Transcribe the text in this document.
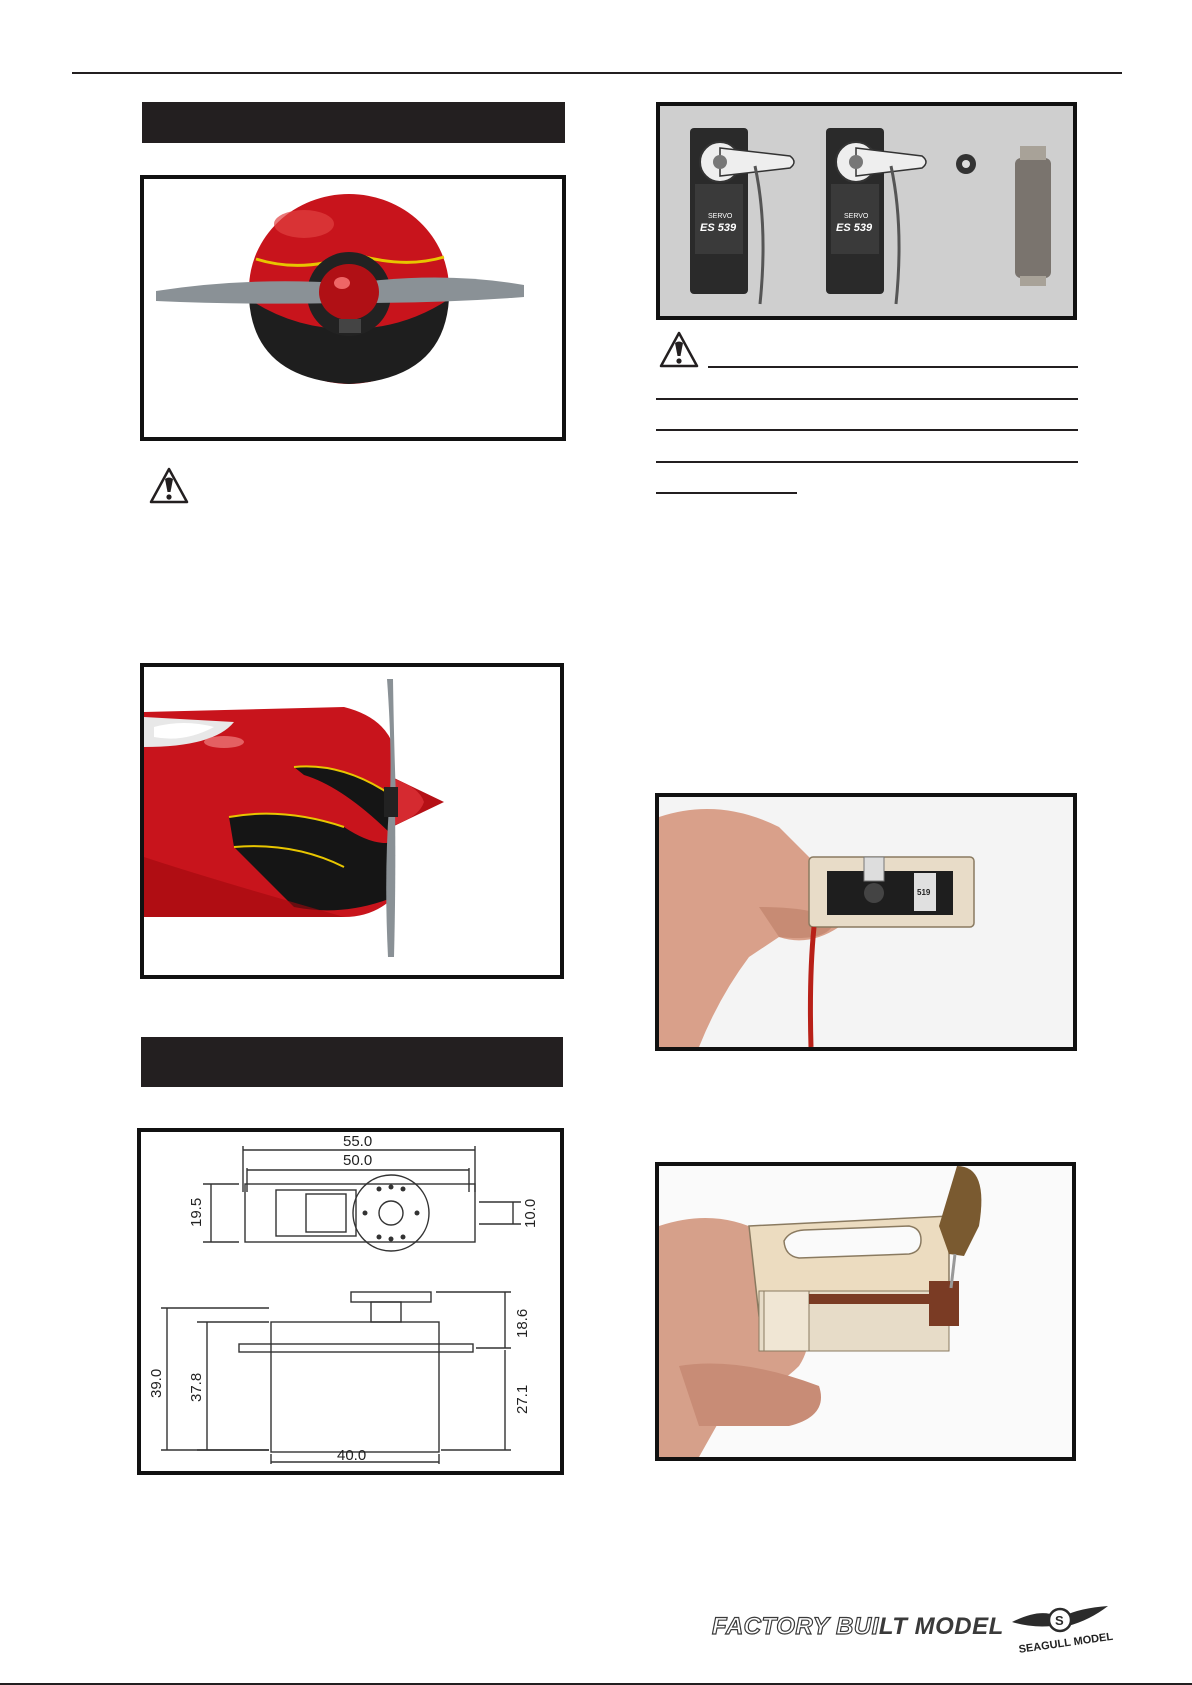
55.0
50.0
19.5	10.0
39.0 37.8
18.6
27.1
40.0
SERVO
ES 539
SERVO
ES 539
519
FACTORY BUILT MODEL	S
SEAGULL MODEL
